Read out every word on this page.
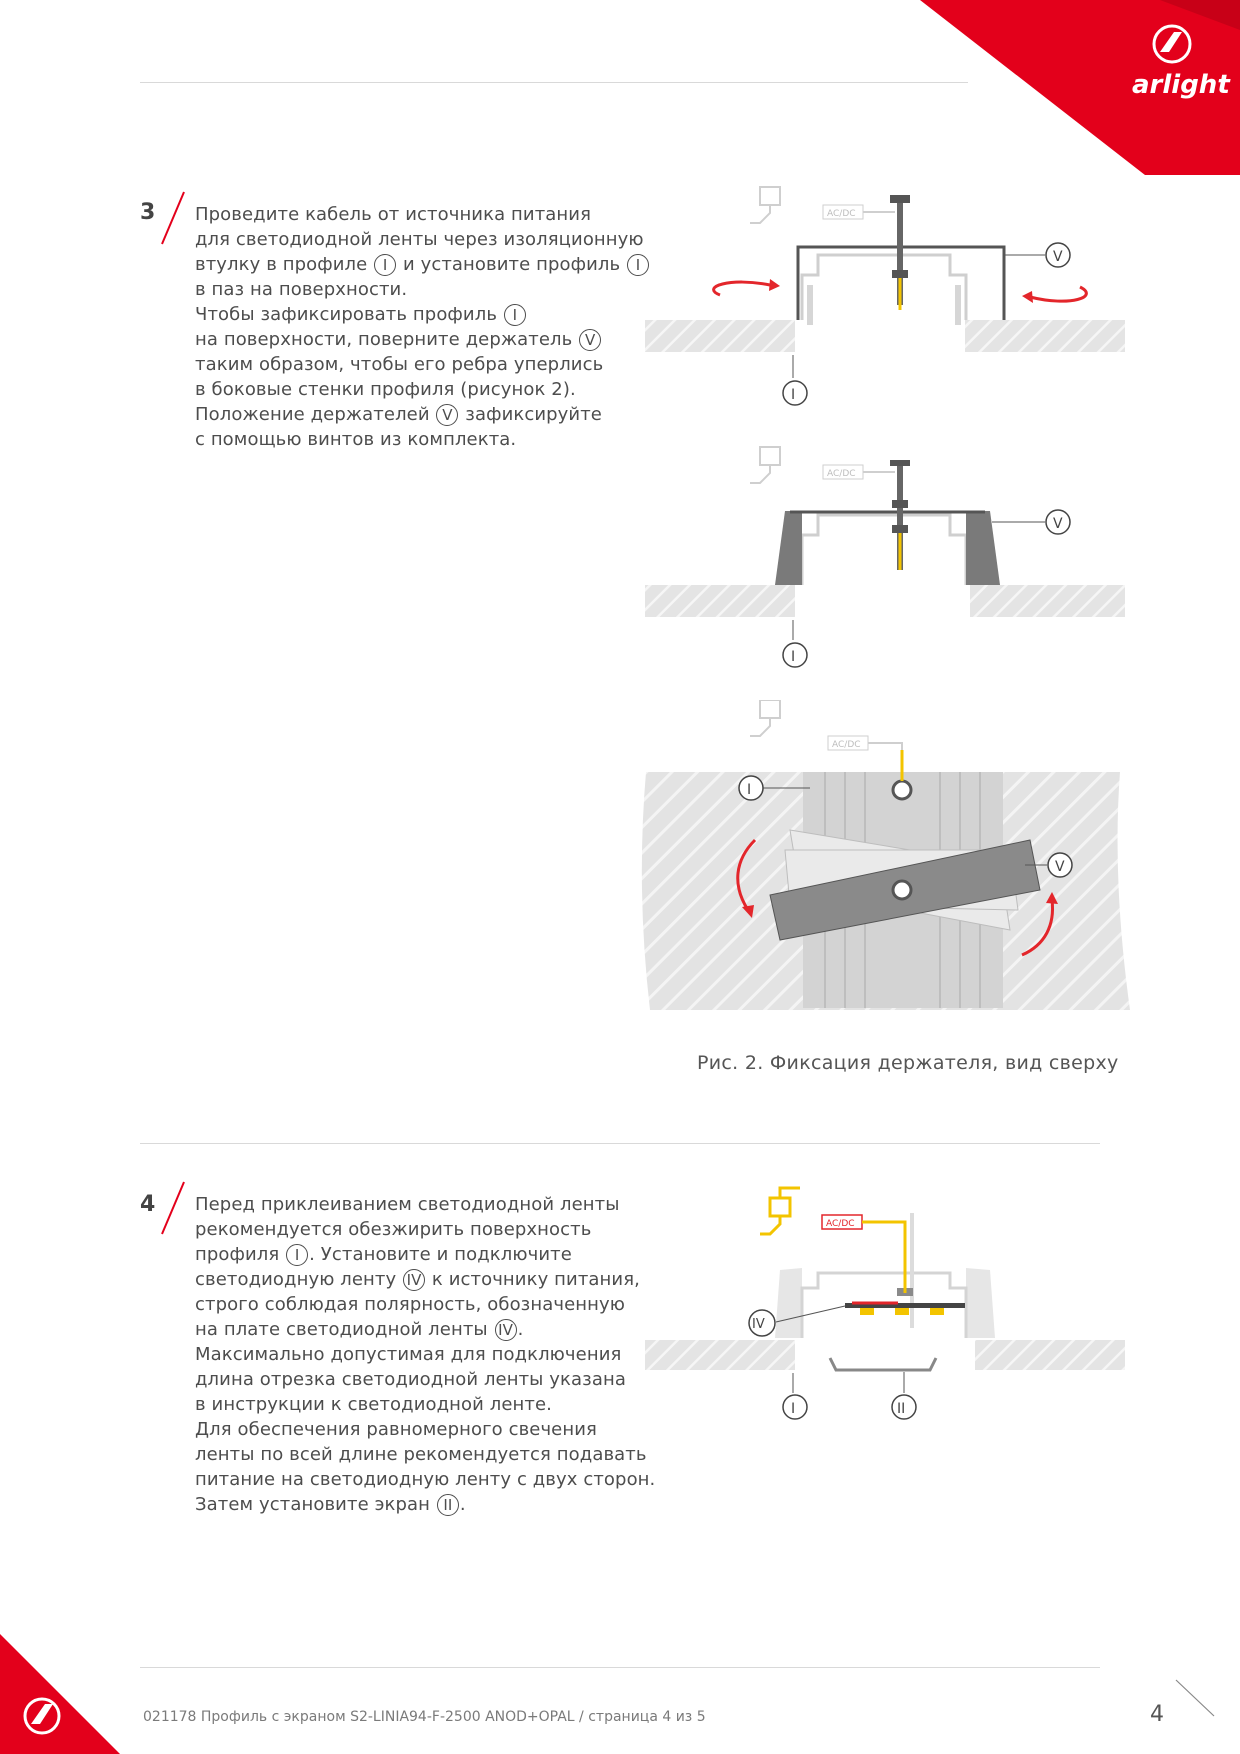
arlight
3 Проведите кабель от источника питания
для светодиодной ленты через изоляционную
втулку в профиле I и установите профиль I
в паз на поверхности.
Чтобы зафиксировать профиль I
на поверхности, поверните держатель V
таким образом, чтобы его ребра уперлись
в боковые стенки профиля (рисунок 2).
Положение держателей V зафиксируйте
с помощью винтов из комплекта.
AC/DC
V
I
AC/DC
V
I
AC/DC
I
V
Рис. 2. Фиксация держателя, вид сверху
4 Перед приклеиванием светодиодной ленты
рекомендуется обезжирить поверхность
профиля I . Установите и подключите
светодиодную ленту IV к источнику питания,
строго соблюдая полярность, обозначенную
на плате светодиодной ленты IV .
Максимально допустимая для подключения
длина отрезка светодиодной ленты указана
в инструкции к светодиодной ленте.
Для обеспечения равномерного свечения
ленты по всей длине рекомендуется подавать
питание на светодиодную ленту с двух сторон.
Затем установите экран II .
AC/DC
IV
I	II
021178 Профиль с экраном S2-LINIA94-F-2500 ANOD+OPAL / страница 4 из 5	4
